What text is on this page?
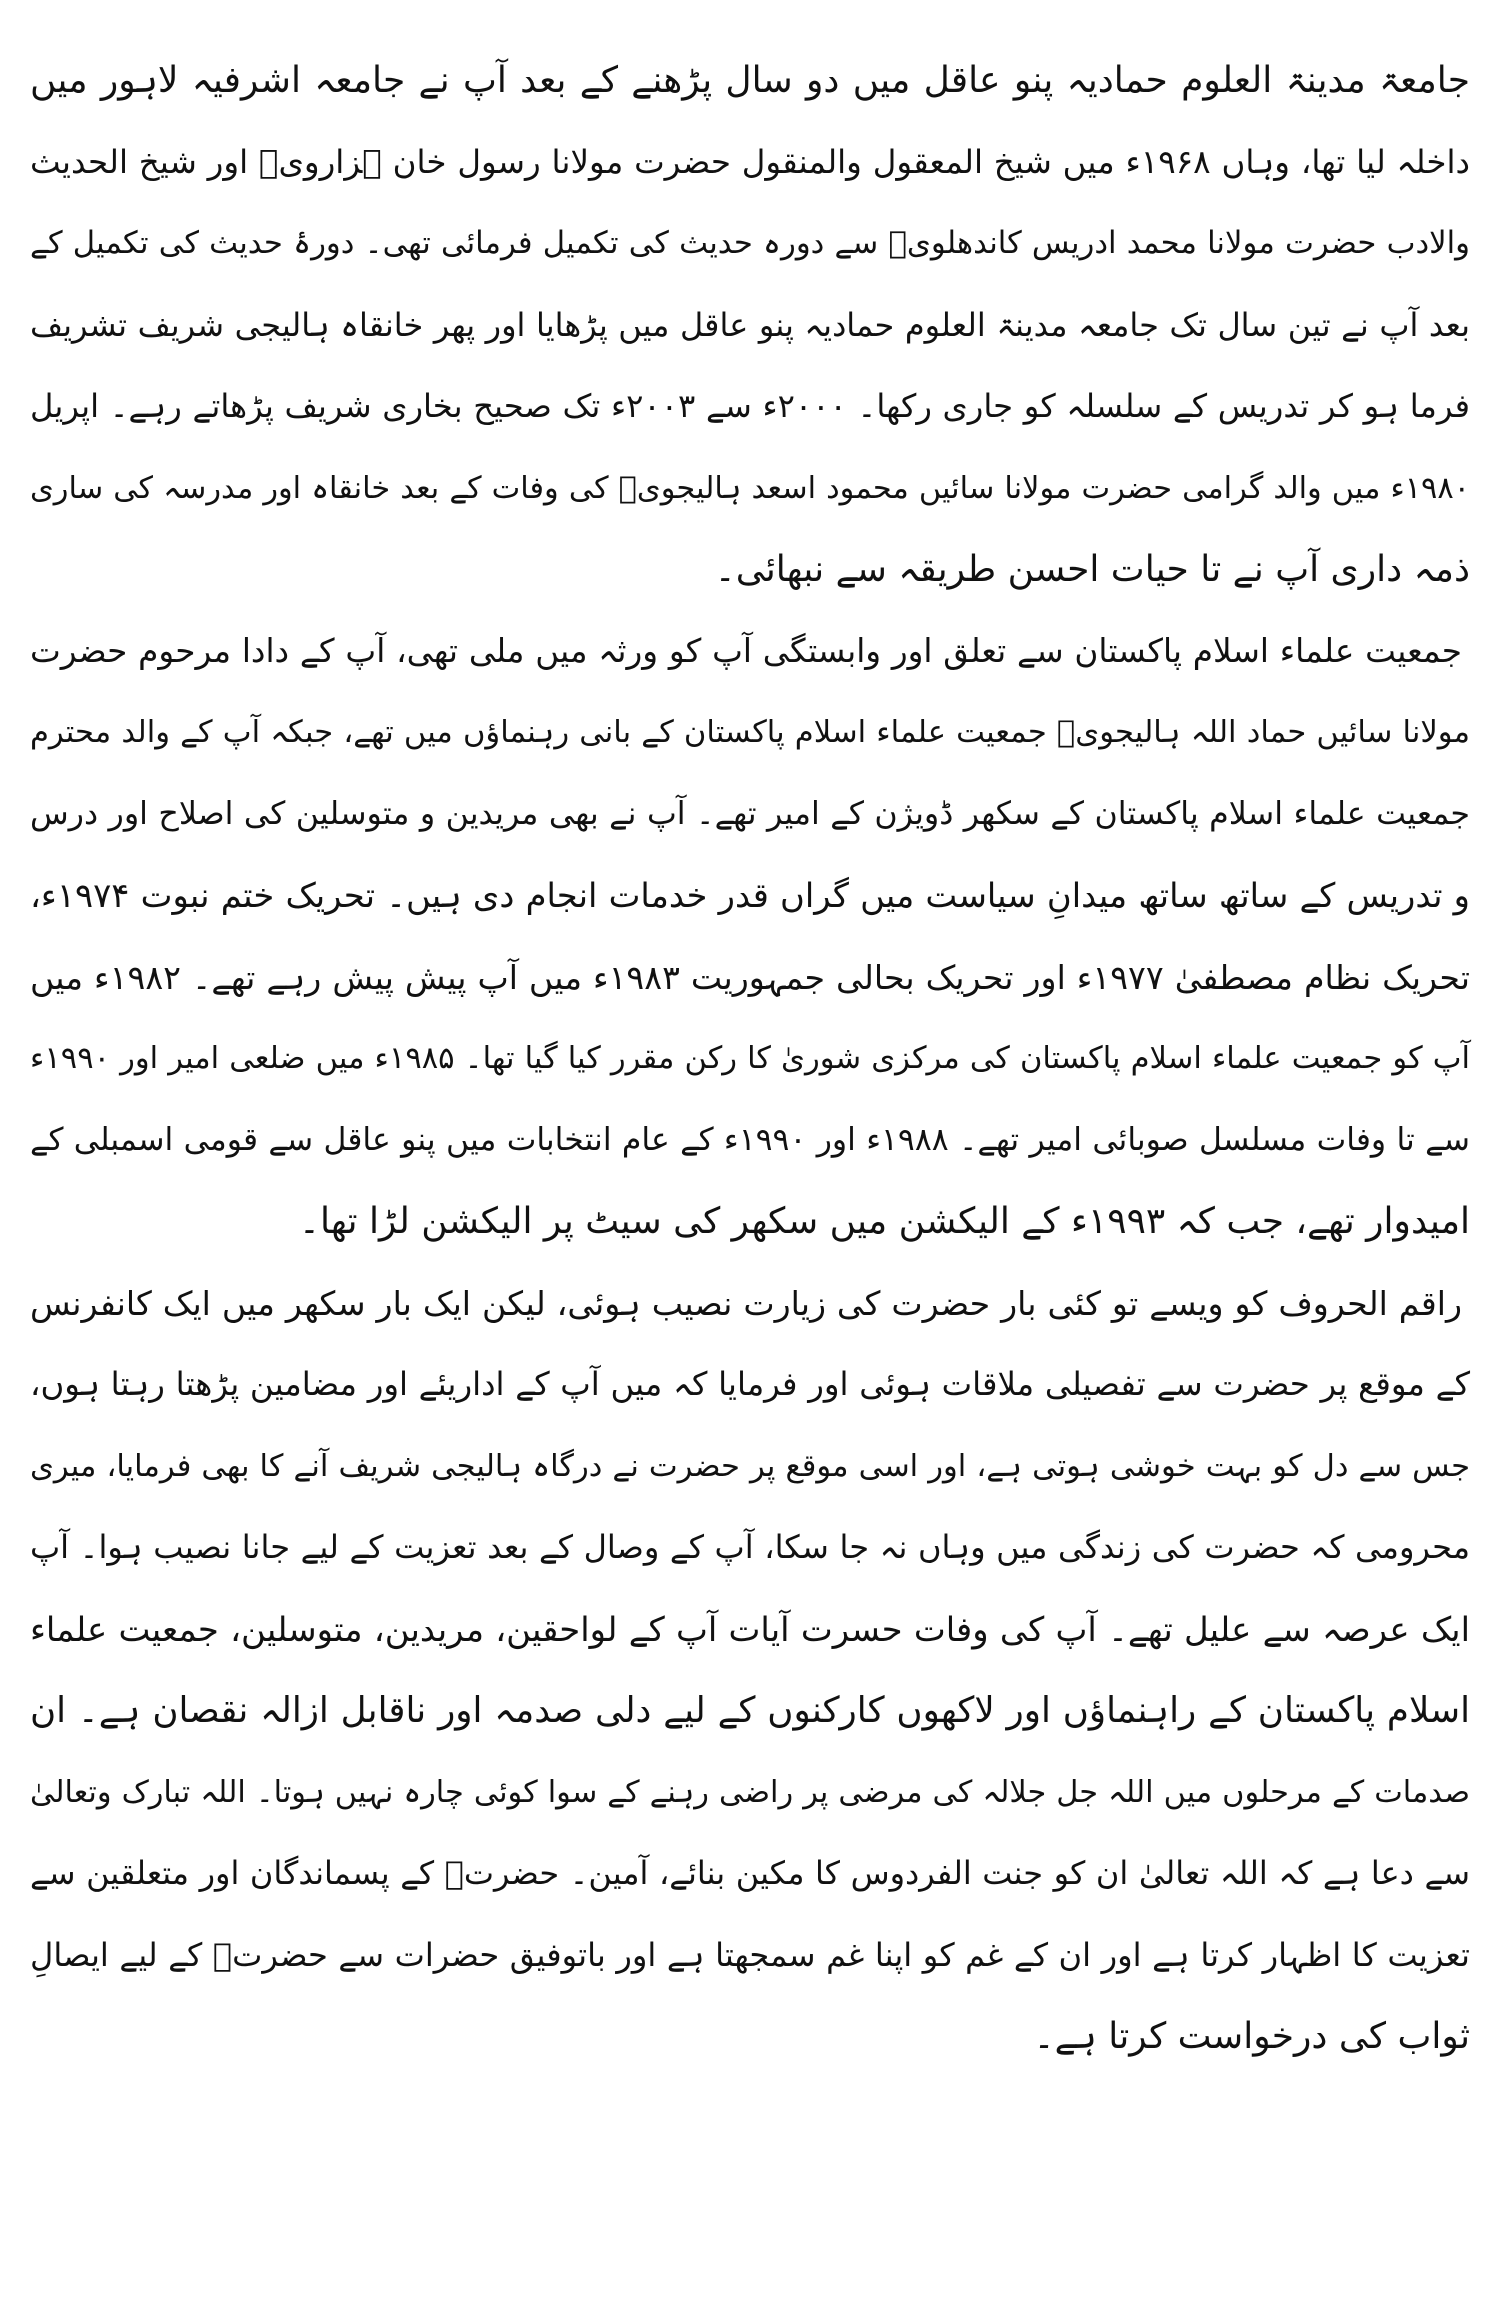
جامعۃ مدینۃ العلوم حمادیہ پنو عاقل میں دو سال پڑھنے کے بعد آپ نے جامعہ اشرفیہ لاہور میں
داخلہ لیا تھا، وہاں ۱۹۶۸ء میں شیخ المعقول والمنقول حضرت مولانا رسول خان ہزارویؒ اور شیخ الحدیث
والادب حضرت مولانا محمد ادریس کاندھلویؒ سے دورہ حدیث کی تکمیل فرمائی تھی۔ دورۂ حدیث کی تکمیل کے
بعد آپ نے تین سال تک جامعہ مدینۃ العلوم حمادیہ پنو عاقل میں پڑھایا اور پھر خانقاہ ہالیجی شریف تشریف
فرما ہو کر تدریس کے سلسلہ کو جاری رکھا۔ ۲۰۰۰ء سے ۲۰۰۳ء تک صحیح بخاری شریف پڑھاتے رہے۔ اپریل
۱۹۸۰ء میں والد گرامی حضرت مولانا سائیں محمود اسعد ہالیجویؒ کی وفات کے بعد خانقاہ اور مدرسہ کی ساری
ذمہ داری آپ نے تا حیات احسن طریقہ سے نبھائی۔
جمعیت علماء اسلام پاکستان سے تعلق اور وابستگی آپ کو ورثہ میں ملی تھی، آپ کے دادا مرحوم حضرت
مولانا سائیں حماد اللہ ہالیجویؒ جمعیت علماء اسلام پاکستان کے بانی رہنماؤں میں تھے، جبکہ آپ کے والد محترم
جمعیت علماء اسلام پاکستان کے سکھر ڈویژن کے امیر تھے۔ آپ نے بھی مریدین و متوسلین کی اصلاح اور درس
و تدریس کے ساتھ ساتھ میدانِ سیاست میں گراں قدر خدمات انجام دی ہیں۔ تحریک ختم نبوت ۱۹۷۴ء،
تحریک نظام مصطفیٰ ۱۹۷۷ء اور تحریک بحالی جمہوریت ۱۹۸۳ء میں آپ پیش پیش رہے تھے۔ ۱۹۸۲ء میں
آپ کو جمعیت علماء اسلام پاکستان کی مرکزی شوریٰ کا رکن مقرر کیا گیا تھا۔ ۱۹۸۵ء میں ضلعی امیر اور ۱۹۹۰ء
سے تا وفات مسلسل صوبائی امیر تھے۔ ۱۹۸۸ء اور ۱۹۹۰ء کے عام انتخابات میں پنو عاقل سے قومی اسمبلی کے
امیدوار تھے، جب کہ ۱۹۹۳ء کے الیکشن میں سکھر کی سیٹ پر الیکشن لڑا تھا۔
راقم الحروف کو ویسے تو کئی بار حضرت کی زیارت نصیب ہوئی، لیکن ایک بار سکھر میں ایک کانفرنس
کے موقع پر حضرت سے تفصیلی ملاقات ہوئی اور فرمایا کہ میں آپ کے اداریئے اور مضامین پڑھتا رہتا ہوں،
جس سے دل کو بہت خوشی ہوتی ہے، اور اسی موقع پر حضرت نے درگاہ ہالیجی شریف آنے کا بھی فرمایا، میری
محرومی کہ حضرت کی زندگی میں وہاں نہ جا سکا، آپ کے وصال کے بعد تعزیت کے لیے جانا نصیب ہوا۔ آپ
ایک عرصہ سے علیل تھے۔ آپ کی وفات حسرت آیات آپ کے لواحقین، مریدین، متوسلین، جمعیت علماء
اسلام پاکستان کے راہنماؤں اور لاکھوں کارکنوں کے لیے دلی صدمہ اور ناقابل ازالہ نقصان ہے۔ ان
صدمات کے مرحلوں میں اللہ جل جلالہ کی مرضی پر راضی رہنے کے سوا کوئی چارہ نہیں ہوتا۔ اللہ تبارک وتعالیٰ
سے دعا ہے کہ اللہ تعالیٰ ان کو جنت الفردوس کا مکین بنائے، آمین۔ حضرتؒ کے پسماندگان اور متعلقین سے
تعزیت کا اظہار کرتا ہے اور ان کے غم کو اپنا غم سمجھتا ہے اور باتوفیق حضرات سے حضرتؒ کے لیے ایصالِ
ثواب کی درخواست کرتا ہے۔
